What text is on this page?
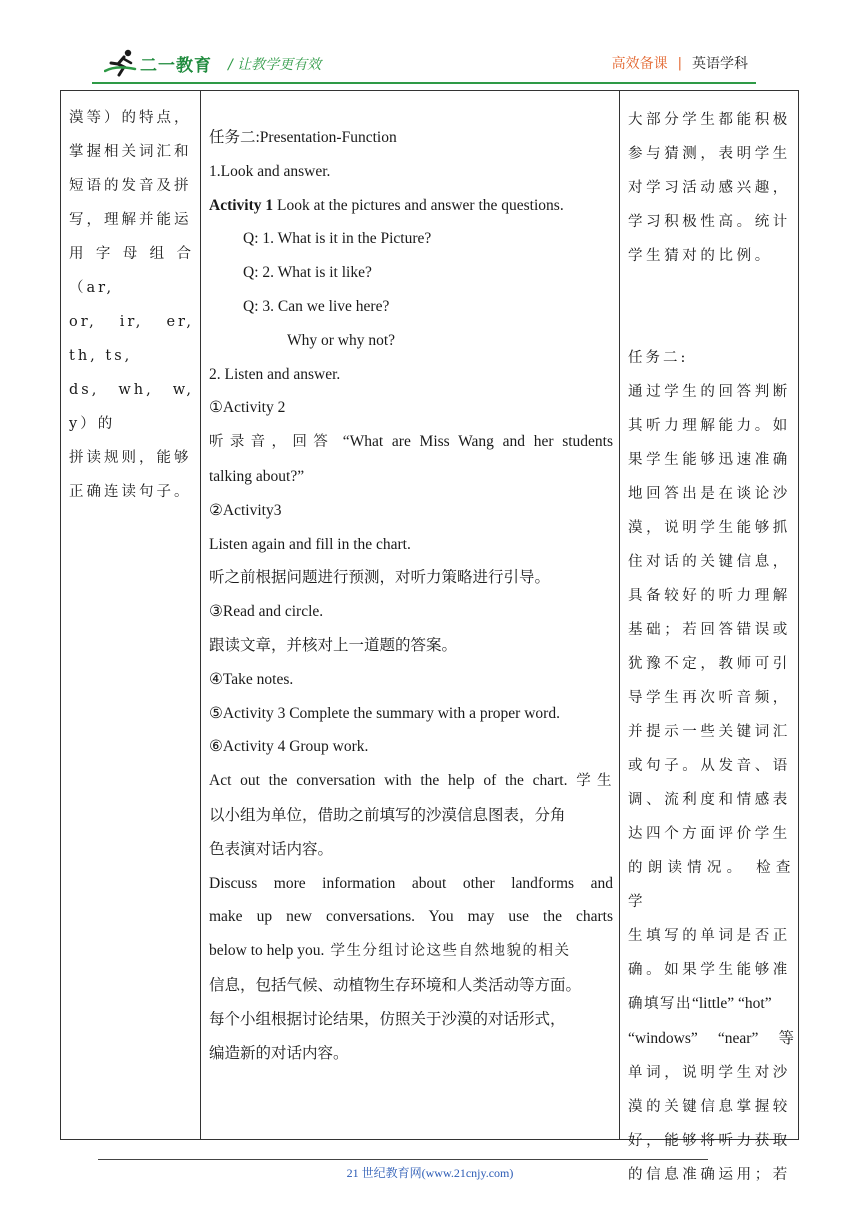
二一教育 / 让教学更有效	高效备课 | 英语学科
漠等）的特点，
掌握相关词汇和
短语的发音及拼
写，理解并能运
用字母组合（ar,
or, ir, er, th, ts,
ds, wh, w, y）的
拼读规则，能够
正确连读句子。
任务二:Presentation-Function
1.Look and answer.
Activity 1 Look at the pictures and answer the questions.
Q: 1. What is it in the Picture?
Q: 2. What is it like?
Q: 3. Can we live here?
Why or why not?
2. Listen and answer.
①Activity 2
听录音，回答 “What are Miss Wang and her students
talking about?”
②Activity3
Listen again and fill in the chart.
听之前根据问题进行预测，对听力策略进行引导。
③Read and circle.
跟读文章，并核对上一道题的答案。
④Take notes.
⑤Activity 3 Complete the summary with a proper word.
⑥Activity 4 Group work.
Act out the conversation with the help of the chart. 学生
以小组为单位，借助之前填写的沙漠信息图表，分角
色表演对话内容。
Discuss more information about other landforms and
make up new conversations. You may use the charts
below to help you. 学生分组讨论这些自然地貌的相关
信息，包括气候、动植物生存环境和人类活动等方面。
每个小组根据讨论结果，仿照关于沙漠的对话形式，
编造新的对话内容。
大部分学生都能积极
参与猜测，表明学生
对学习活动感兴趣，
学习积极性高。统计
学生猜对的比例。
任务二:
通过学生的回答判断
其听力理解能力。如
果学生能够迅速准确
地回答出是在谈论沙
漠，说明学生能够抓
住对话的关键信息，
具备较好的听力理解
基础；若回答错误或
犹豫不定，教师可引
导学生再次听音频，
并提示一些关键词汇
或句子。从发音、语
调、流利度和情感表
达四个方面评价学生
的朗读情况。 检查学
生填写的单词是否正
确。如果学生能够准
确填写出“little” “hot”
“windows” “near” 等
单词，说明学生对沙
漠的关键信息掌握较
好，能够将听力获取
的信息准确运用；若
21 世纪教育网(www.21cnjy.com)
